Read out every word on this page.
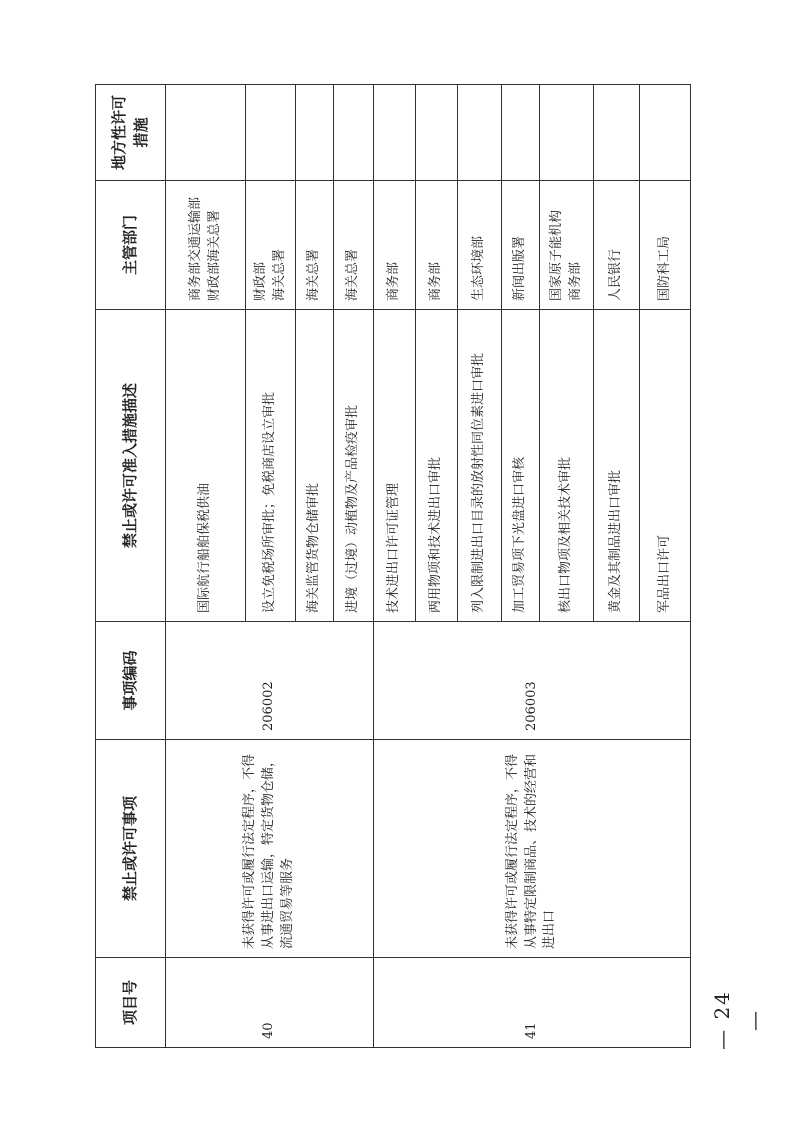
项目号	禁止或许可事项	事项编码	禁止或许可准入措施描述	主管部门	地方性许可措施
40	未获得许可或履行法定程序，不得从事进出口运输，特定货物仓储，流通贸易等服务	206002	国际航行船舶保税供油	商务部交通运输部 财政部海关总署	

			设立免税场所审批；免税商店设立审批	财政部 海关总署	

			海关监管货物仓储审批	海关总署	
			进境（过境）动植物及产品检疫审批	海关总署	
41	未获得许可或履行法定程序，不得从事特定限制商品、技术的经营和进出口	206003	技术进出口许可证管理	商务部	
			两用物项和技术进出口审批	商务部	
			列入限制进出口目录的放射性同位素进口审批	生态环境部	
			加工贸易项下光盘进口审核	新闻出版署	
			核出口物项及相关技术审批	国家原子能机构 商务部	

			黄金及其制品进出口审批	人民银行	
			军品出口许可	国防科工局	
— 24 —
